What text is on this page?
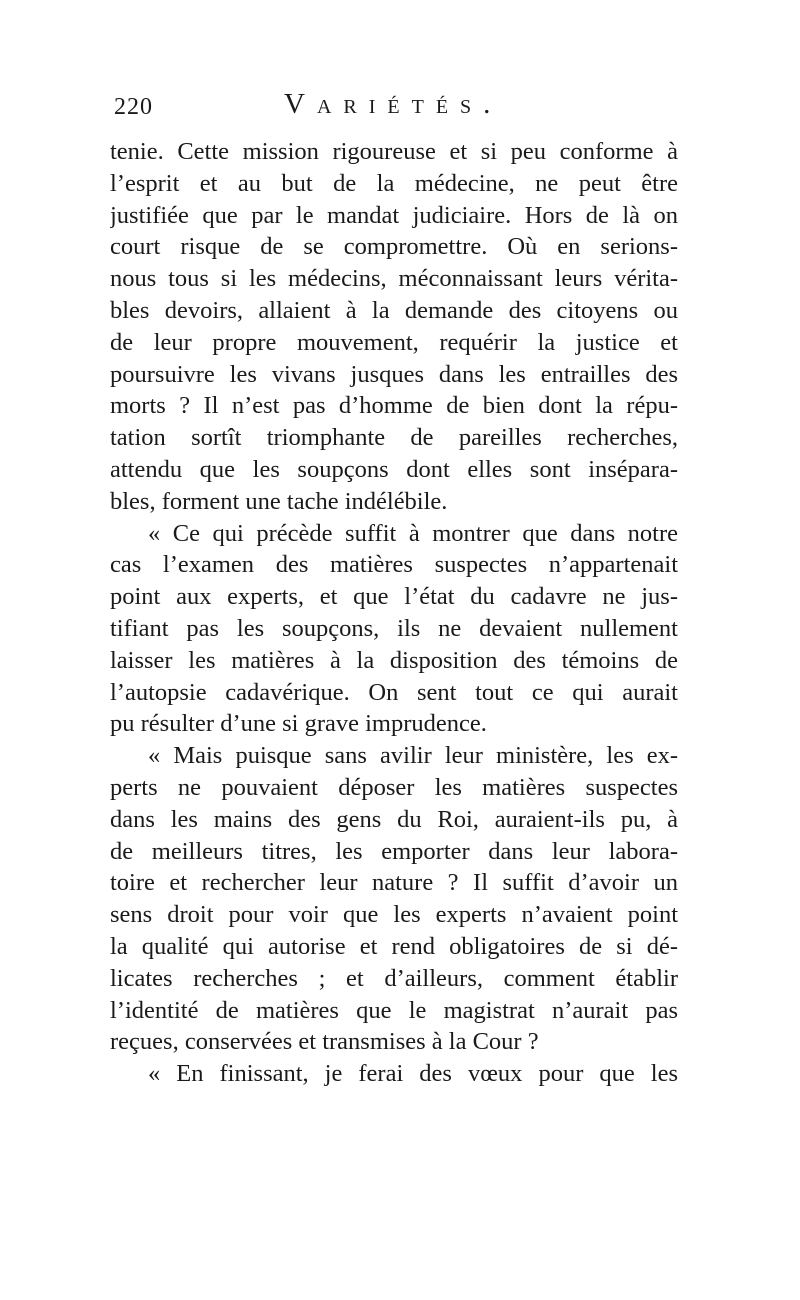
220	Variétés.
tenie. Cette mission rigoureuse et si peu conforme à
l’esprit et au but de la médecine, ne peut être
justifiée que par le mandat judiciaire. Hors de là on
court risque de se compromettre. Où en serions-
nous tous si les médecins, méconnaissant leurs vérita-
bles devoirs, allaient à la demande des citoyens ou
de leur propre mouvement, requérir la justice et
poursuivre les vivans jusques dans les entrailles des
morts ? Il n’est pas d’homme de bien dont la répu-
tation sortît triomphante de pareilles recherches,
attendu que les soupçons dont elles sont insépara-
bles, forment une tache indélébile.
« Ce qui précède suffit à montrer que dans notre
cas l’examen des matières suspectes n’appartenait
point aux experts, et que l’état du cadavre ne jus-
tifiant pas les soupçons, ils ne devaient nullement
laisser les matières à la disposition des témoins de
l’autopsie cadavérique. On sent tout ce qui aurait
pu résulter d’une si grave imprudence.
« Mais puisque sans avilir leur ministère, les ex-
perts ne pouvaient déposer les matières suspectes
dans les mains des gens du Roi, auraient-ils pu, à
de meilleurs titres, les emporter dans leur labora-
toire et rechercher leur nature ? Il suffit d’avoir un
sens droit pour voir que les experts n’avaient point
la qualité qui autorise et rend obligatoires de si dé-
licates recherches ; et d’ailleurs, comment établir
l’identité de matières que le magistrat n’aurait pas
reçues, conservées et transmises à la Cour ?
« En finissant, je ferai des vœux pour que les
